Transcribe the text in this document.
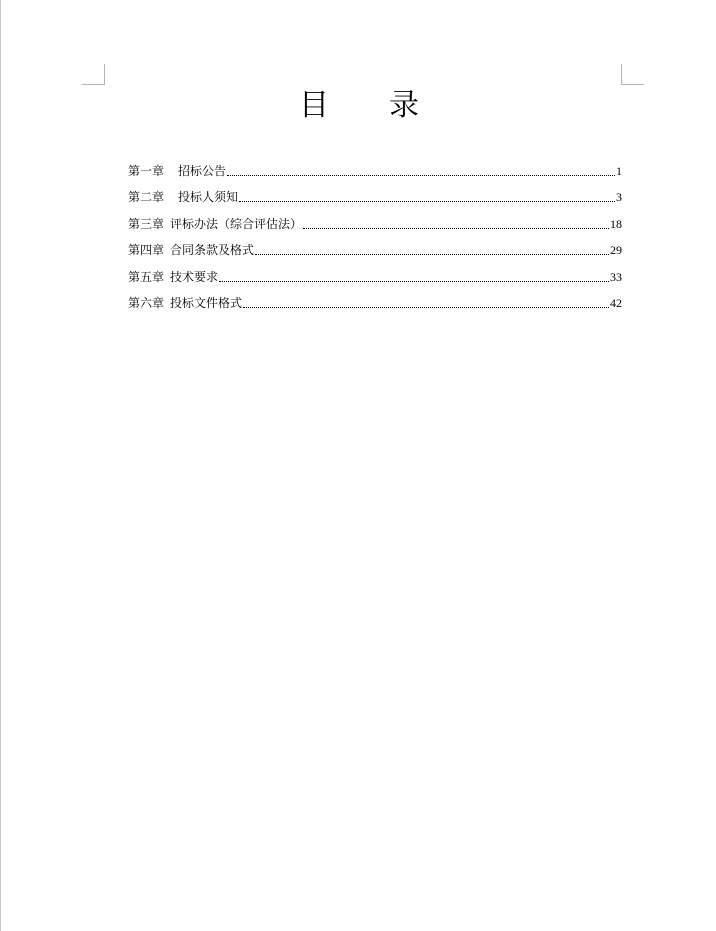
目 录
第一章 招标公告	1
第二章 投标人须知	3
第三章 评标办法（综合评估法）	18
第四章 合同条款及格式	29
第五章 技术要求	33
第六章 投标文件格式	42
